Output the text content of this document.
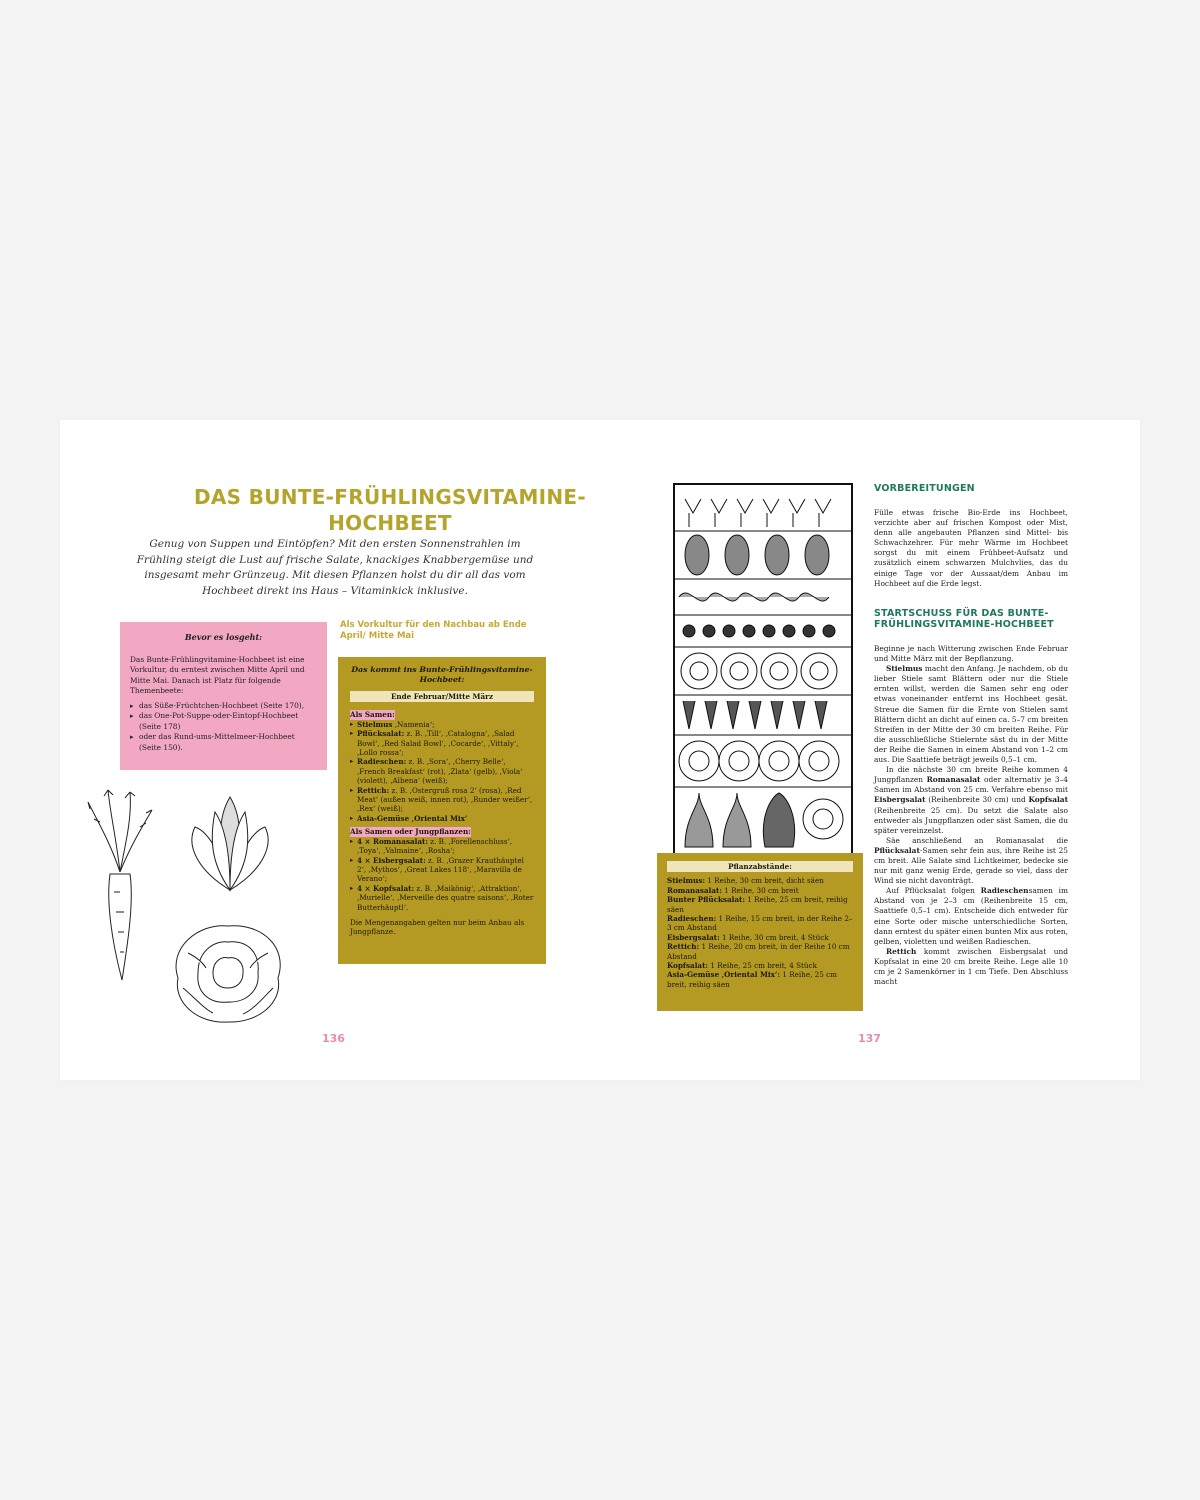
DAS BUNTE-FRÜHLINGSVITAMINE-
HOCHBEET
Genug von Suppen und Eintöpfen? Mit den ersten Sonnenstrahlen im Frühling steigt die Lust auf frische Salate, knackiges Knabbergemüse und insgesamt mehr Grünzeug. Mit diesen Pflanzen holst du dir all das vom Hochbeet direkt ins Haus – Vitaminkick inklusive.
Bevor es losgeht:
Das Bunte-Frühlingvitamine-Hochbeet ist eine Vorkultur, du erntest zwischen Mitte April und Mitte Mai. Danach ist Platz für folgende Themenbeete:
▸ das Süße-Früchtchen-Hochbeet (Seite 170),
▸ das One-Pot-Suppe-oder-Eintopf-Hochbeet (Seite 178)
▸ oder das Rund-ums-Mittelmeer-Hochbeet (Seite 150).
Als Vorkultur für den Nachbau ab Ende April/ Mitte Mai
Das kommt ins Bunte-Frühlingsvitamine-Hochbeet:
Ende Februar/Mitte März
Als Samen:
▸ Stielmus ‚Namenia‘;
▸ Pflücksalat: z. B. ‚Till‘, ‚Catalogna‘, ‚Salad Bowl‘, ‚Red Salad Bowl‘, ‚Cocarde‘, ‚Vittaly‘, ‚Lollo rossa‘;
▸ Radieschen: z. B. ‚Sora‘, ‚Cherry Belle‘, ‚French Breakfast‘ (rot), ‚Zlata‘ (gelb), ‚Viola‘ (violett), ‚Albena‘ (weiß);
▸ Rettich: z. B. ‚Ostergruß rosa 2‘ (rosa), ‚Red Meat‘ (außen weiß, innen rot), ‚Runder weißer‘, ‚Rex‘ (weiß);
▸ Asia-Gemüse ‚Oriental Mix‘
Als Samen oder Jungpflanzen:
▸ 4 × Romanasalat: z. B. ‚Forellenschluss‘, ‚Toya‘, ‚Valmaine‘, ‚Rosha‘;
▸ 4 × Eisbergsalat: z. B. ‚Grazer Krauthäuptel 2‘, ‚Mythos‘, ‚Great Lakes 118‘, ‚Maravilla de Verano‘;
▸ 4 × Kopfsalat: z. B. ‚Maikönig‘, ‚Attraktion‘, ‚Murielle‘, ‚Merveille des quatre saisons‘, ‚Roter Butterhäuptl‘.
Die Mengenangaben gelten nur beim Anbau als Jungpflanze.
136
Pflanzabstände:
Stielmus: 1 Reihe, 30 cm breit, dicht säen
Romanasalat: 1 Reihe, 30 cm breit
Bunter Pflücksalat: 1 Reihe, 25 cm breit, reihig säen
Radieschen: 1 Reihe, 15 cm breit, in der Reihe 2–3 cm Abstand
Eisbergsalat: 1 Reihe, 30 cm breit, 4 Stück
Rettich: 1 Reihe, 20 cm breit, in der Reihe 10 cm Abstand
Kopfsalat: 1 Reihe, 25 cm breit, 4 Stück
Asia-Gemüse ‚Oriental Mix‘: 1 Reihe, 25 cm breit, reihig säen
137
VORBEREITUNGEN

Fülle etwas frische Bio-Erde ins Hochbeet, verzichte aber auf frischen Kompost oder Mist, denn alle angebauten Pflanzen sind Mittel- bis Schwachzehrer. Für mehr Wärme im Hochbeet sorgst du mit einem Frühbeet-Aufsatz und zusätzlich einem schwarzen Mulchvlies, das du einige Tage vor der Aussaat/dem Anbau im Hochbeet auf die Erde legst.

STARTSCHUSS FÜR DAS BUNTE-
FRÜHLINGSVITAMINE-HOCHBEET

Beginne je nach Witterung zwischen Ende Februar und Mitte März mit der Bepflanzung.

Stielmus macht den Anfang. Je nachdem, ob du lieber Stiele samt Blättern oder nur die Stiele ernten willst, werden die Samen sehr eng oder etwas voneinander entfernt ins Hochbeet gesät. Streue die Samen für die Ernte von Stielen samt Blättern dicht an dicht auf einen ca. 5–7 cm breiten Streifen in der Mitte der 30 cm breiten Reihe. Für die ausschließliche Stielernte säst du in der Mitte der Reihe die Samen in einem Abstand von 1–2 cm aus. Die Saattiefe beträgt jeweils 0,5–1 cm.

In die nächste 30 cm breite Reihe kommen 4 Jungpflanzen Romanasalat oder alternativ je 3–4 Samen im Abstand von 25 cm. Verfahre ebenso mit Eisbergsalat (Reihenbreite 30 cm) und Kopfsalat (Reihenbreite 25 cm). Du setzt die Salate also entweder als Jungpflanzen oder säst Samen, die du später vereinzelst.

Säe anschließend an Romanasalat die Pflücksalat-Samen sehr fein aus, ihre Reihe ist 25 cm breit. Alle Salate sind Lichtkeimer, bedecke sie nur mit ganz wenig Erde, gerade so viel, dass der Wind sie nicht davonträgt.

Auf Pflücksalat folgen Radieschensamen im Abstand von je 2–3 cm (Reihenbreite 15 cm, Saattiefe 0,5–1 cm). Entscheide dich entweder für eine Sorte oder mische unterschiedliche Sorten, dann erntest du später einen bunten Mix aus roten, gelben, violetten und weißen Radieschen.

Rettich kommt zwischen Eisbergsalat und Kopfsalat in eine 20 cm breite Reihe. Lege alle 10 cm je 2 Samenkörner in 1 cm Tiefe. Den Abschluss macht
